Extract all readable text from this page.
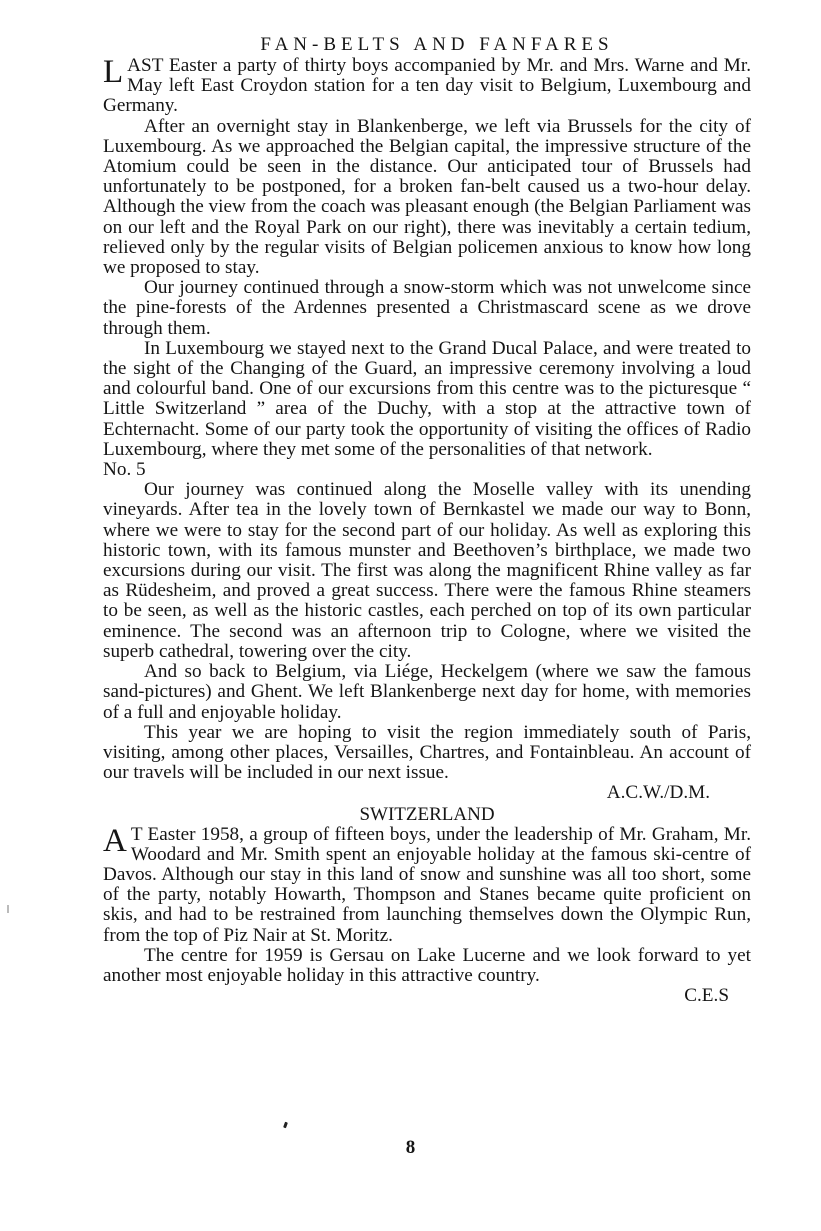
FAN-BELTS AND FANFARES

LAST Easter a party of thirty boys accompanied by Mr. and Mrs. Warne and Mr. May left East Croydon station for a ten day visit to Belgium, Luxembourg and Germany.

After an overnight stay in Blankenberge, we left via Brussels for the city of Luxembourg. As we approached the Belgian capital, the impressive structure of the Atomium could be seen in the distance. Our anticipated tour of Brussels had unfortunately to be postponed, for a broken fan-belt caused us a two-hour delay. Although the view from the coach was pleasant enough (the Belgian Parliament was on our left and the Royal Park on our right), there was inevitably a certain tedium, relieved only by the regular visits of Belgian policemen anxious to know how long we proposed to stay.

Our journey continued through a snow-storm which was not unwelcome since the pine-forests of the Ardennes presented a Christmascard scene as we drove through them.

In Luxembourg we stayed next to the Grand Ducal Palace, and were treated to the sight of the Changing of the Guard, an impressive ceremony involving a loud and colourful band. One of our excursions from this centre was to the picturesque “ Little Switzerland ” area of the Duchy, with a stop at the attractive town of Echternacht. Some of our party took the opportunity of visiting the offices of Radio Luxembourg, where they met some of the personalities of that network.

No. 5

Our journey was continued along the Moselle valley with its unending vineyards. After tea in the lovely town of Bernkastel we made our way to Bonn, where we were to stay for the second part of our holiday. As well as exploring this historic town, with its famous munster and Beethoven’s birthplace, we made two excursions during our visit. The first was along the magnificent Rhine valley as far as Rüdesheim, and proved a great success. There were the famous Rhine steamers to be seen, as well as the historic castles, each perched on top of its own particular eminence. The second was an afternoon trip to Cologne, where we visited the superb cathedral, towering over the city.

And so back to Belgium, via Liége, Heckelgem (where we saw the famous sand-pictures) and Ghent. We left Blankenberge next day for home, with memories of a full and enjoyable holiday.

This year we are hoping to visit the region immediately south of Paris, visiting, among other places, Versailles, Chartres, and Fontainbleau. An account of our travels will be included in our next issue.

A.C.W./D.M.

SWITZERLAND

A T Easter 1958, a group of fifteen boys, under the leadership of Mr. Graham, Mr. Woodard and Mr. Smith spent an enjoyable holiday at the famous ski-centre of Davos. Although our stay in this land of snow and sunshine was all too short, some of the party, notably Howarth, Thompson and Stanes became quite proficient on skis, and had to be restrained from launching themselves down the Olympic Run, from the top of Piz Nair at St. Moritz.

The centre for 1959 is Gersau on Lake Lucerne and we look forward to yet another most enjoyable holiday in this attractive country.

C.E.S

8
